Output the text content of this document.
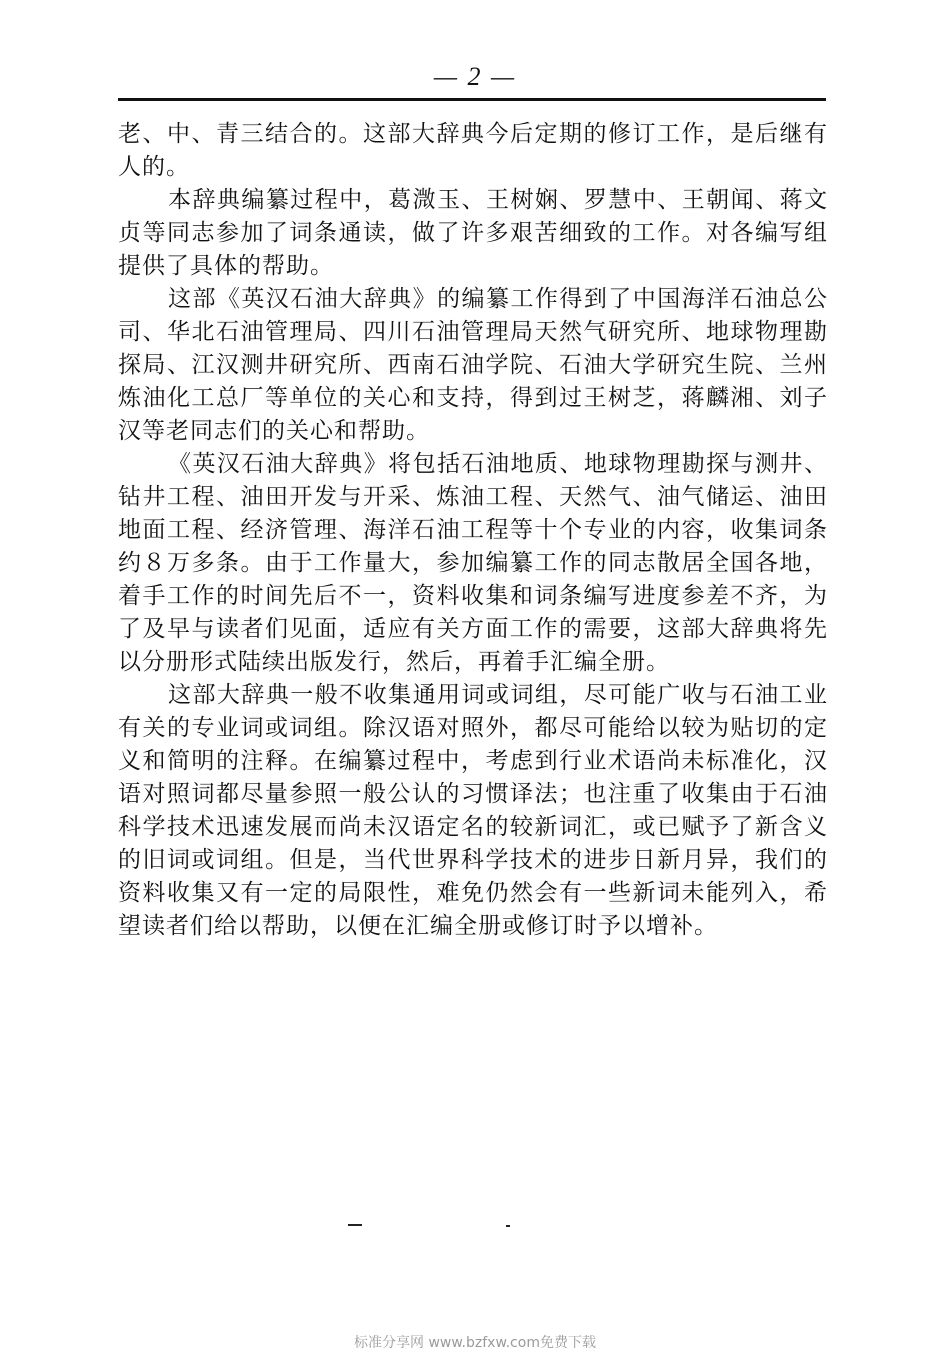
— 2 —

老、中、青三结合的。这部大辞典今后定期的修订工作，是后继有人的。

本辞典编纂过程中，葛溦玉、王树娴、罗慧中、王朝闻、蒋文贞等同志参加了词条通读，做了许多艰苦细致的工作。对各编写组提供了具体的帮助。

这部《英汉石油大辞典》的编纂工作得到了中国海洋石油总公司、华北石油管理局、四川石油管理局天然气研究所、地球物理勘探局、江汉测井研究所、西南石油学院、石油大学研究生院、兰州炼油化工总厂等单位的关心和支持，得到过王树芝，蒋麟湘、刘子汉等老同志们的关心和帮助。

《英汉石油大辞典》将包括石油地质、地球物理勘探与测井、钻井工程、油田开发与开采、炼油工程、天然气、油气储运、油田地面工程、经济管理、海洋石油工程等十个专业的内容，收集词条约８万多条。由于工作量大，参加编纂工作的同志散居全国各地，着手工作的时间先后不一，资料收集和词条编写进度参差不齐，为了及早与读者们见面，适应有关方面工作的需要，这部大辞典将先以分册形式陆续出版发行，然后，再着手汇编全册。

这部大辞典一般不收集通用词或词组，尽可能广收与石油工业有关的专业词或词组。除汉语对照外，都尽可能给以较为贴切的定义和简明的注释。在编纂过程中，考虑到行业术语尚未标准化，汉语对照词都尽量参照一般公认的习惯译法；也注重了收集由于石油科学技术迅速发展而尚未汉语定名的较新词汇，或已赋予了新含义的旧词或词组。但是，当代世界科学技术的进步日新月异，我们的资料收集又有一定的局限性，难免仍然会有一些新词未能列入，希望读者们给以帮助，以便在汇编全册或修订时予以增补。

标准分享网 www.bzfxw.com免费下载
